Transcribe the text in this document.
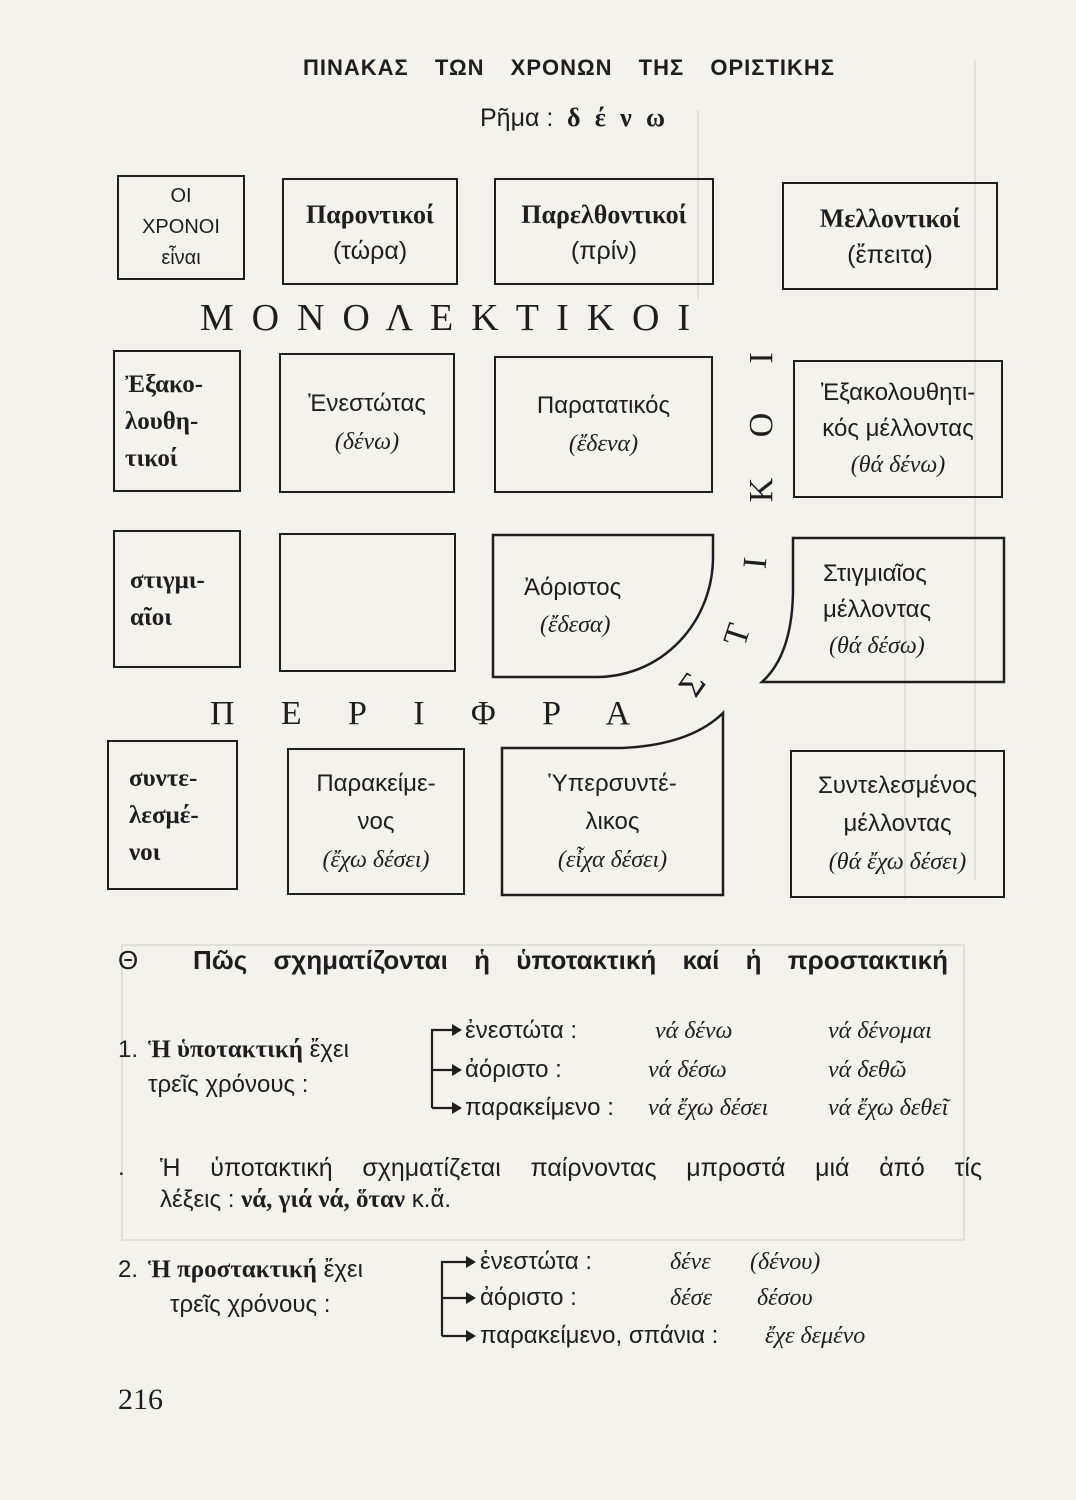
ΠΙΝΑΚΑΣ ΤΩΝ ΧΡΟΝΩΝ ΤΗΣ ΟΡΙΣΤΙΚΗΣ
Ρῆμα : δ έ ν ω
ΟΙ
ΧΡΟΝΟΙ
εἶναι
Παροντικοί
(τώρα)
Παρελθοντικοί
(πρίν)
Μελλοντικοί
(ἔπειτα)
Μ Ο Ν Ο Λ Ε Κ Τ Ι Κ Ο Ι
Ἐξακο-
λουθη-
τικοί
Ἐνεστώτας
(δένω)
Παρατατικός
(ἔδενα)
Ἐξακολουθητι-
κός μέλλοντας
(θά δένω)
στιγμι-
αῖοι
Ἀόριστος
(ἔδεσα)
Στιγμιαῖος
μέλλοντας
(θά δέσω)
Π Ε Ρ Ι Φ Ρ Α
Σ
Τ
Ι
Κ
Ο
Ι
συντε-
λεσμέ-
νοι
Παρακείμε-
νος
(ἔχω δέσει)
Ὑπερσυντέ-
λικος
(εἶχα δέσει)
Συντελεσμένος
μέλλοντας
(θά ἔχω δέσει)
Θ Πῶς σχηματίζονται ἡ ὑποτακτική καί ἡ προστακτική
1. Ἡ ὑποτακτική ἔχει
τρεῖς χρόνους :
ἐνεστώτα :	νά δένω	νά δένομαι
ἀόριστο :	νά δέσω	νά δεθῶ
παρακείμενο : νά ἔχω δέσει νά ἔχω δεθεῖ
. Ἡ ὑποτακτική σχηματίζεται παίρνοντας μπροστά μιά ἀπό τίς
λέξεις : νά, γιά νά, ὅταν κ.ἄ.
2. Ἡ προστακτική ἔχει
τρεῖς χρόνους :
ἐνεστώτα :	δένε (δένου)
ἀόριστο :	δέσε δέσου
παρακείμενο, σπάνια : ἔχε δεμένο
216
